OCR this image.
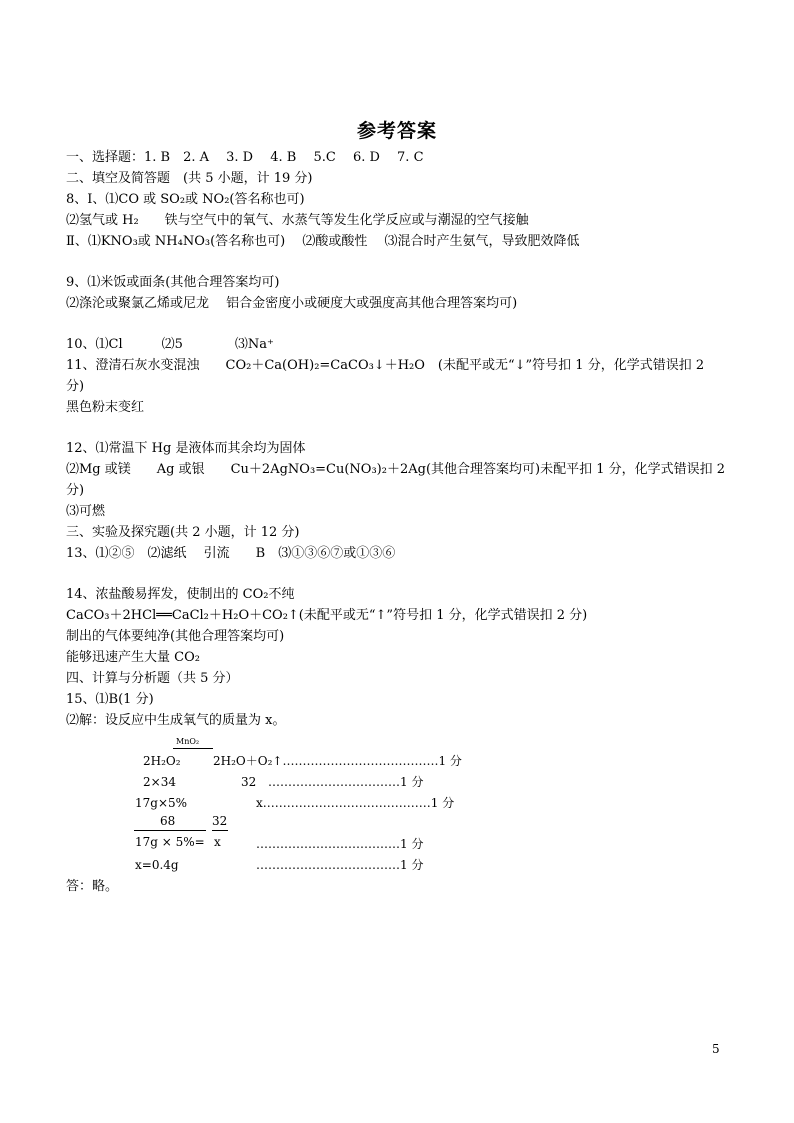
参考答案
一、选择题：1. B　2. A　 3. D　 4. B　 5.C　 6. D　 7. C
二、填空及简答题　(共 5 小题，计 19 分)
8、Ⅰ、⑴CO 或 SO₂或 NO₂(答名称也可)
⑵氢气或 H₂　　铁与空气中的氧气、水蒸气等发生化学反应或与潮湿的空气接触
Ⅱ、⑴KNO₃或 NH₄NO₃(答名称也可)　 ⑵酸或酸性　 ⑶混合时产生氨气，导致肥效降低
9、⑴米饭或面条(其他合理答案均可)
⑵涤沦或聚氯乙烯或尼龙　 铝合金密度小或硬度大或强度高其他合理答案均可)
10、⑴Cl　　　⑵5　　　　⑶Na⁺
11、澄清石灰水变混浊　　CO₂＋Ca(OH)₂=CaCO₃↓＋H₂O　(未配平或无“↓”符号扣 1 分，化学式错误扣 2
分)
黑色粉末变红
12、⑴常温下 Hg 是液体而其余均为固体
⑵Mg 或镁　　Ag 或银　　Cu＋2AgNO₃=Cu(NO₃)₂＋2Ag(其他合理答案均可)未配平扣 1 分，化学式错误扣 2
分)
⑶可燃
三、实验及探究题(共 2 小题，计 12 分)
13、⑴②⑤　⑵滤纸　 引流　　B　⑶①③⑥⑦或①③⑥
14、浓盐酸易挥发，使制出的 CO₂不纯
CaCO₃＋2HCl══CaCl₂＋H₂O＋CO₂↑(未配平或无“↑”符号扣 1 分，化学式错误扣 2 分)
制出的气体要纯净(其他合理答案均可)
能够迅速产生大量 CO₂
四、计算与分析题（共 5 分）
15、⑴B(1 分)
⑵解：设反应中生成氧气的质量为 x。
MnO₂
2H₂O₂	2H₂O＋O₂↑…………………………………1 分
2×34	32 ……………………………1 分
17g×5%	x……………………………………1 分
68	32
17g × 5%= x	………………………………1 分
x=0.4g	………………………………1 分
答：略。
5
